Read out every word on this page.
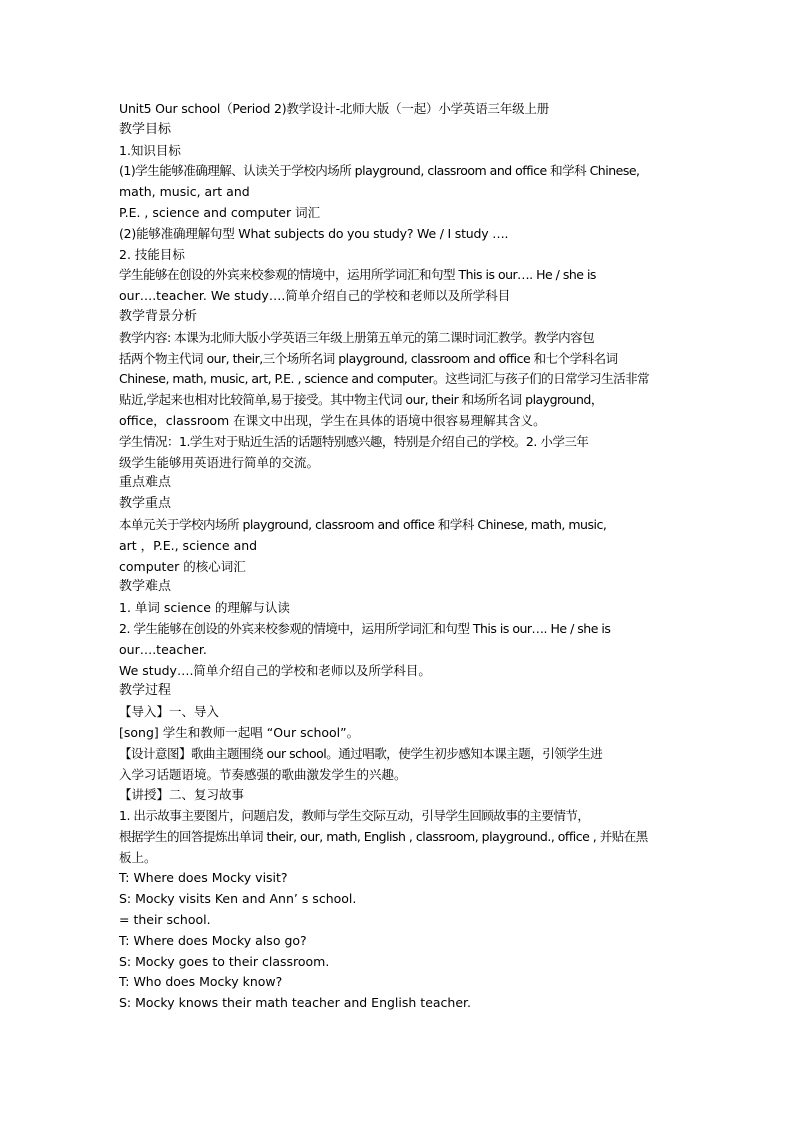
Unit5 Our school（Period 2)教学设计-北师大版（一起）小学英语三年级上册
教学目标
1.知识目标
(1)学生能够准确理解、认读关于学校内场所 playground, classroom and office 和学科 Chinese,
math, music, art and
P.E. , science and computer 词汇
(2)能够准确理解句型 What subjects do you study? We / I study ….
2. 技能目标
学生能够在创设的外宾来校参观的情境中，运用所学词汇和句型 This is our…. He / she is
our….teacher. We study….简单介绍自己的学校和老师以及所学科目
教学背景分析
教学内容: 本课为北师大版小学英语三年级上册第五单元的第二课时词汇教学。教学内容包
括两个物主代词 our, their,三个场所名词 playground, classroom and office 和七个学科名词
Chinese, math, music, art, P.E. , science and computer。这些词汇与孩子们的日常学习生活非常
贴近,学起来也相对比较简单,易于接受。其中物主代词 our, their 和场所名词 playground，
office，classroom 在课文中出现，学生在具体的语境中很容易理解其含义。
学生情况：1.学生对于贴近生活的话题特别感兴趣，特别是介绍自己的学校。2. 小学三年
级学生能够用英语进行简单的交流。
重点难点
教学重点
本单元关于学校内场所 playground, classroom and office 和学科 Chinese, math, music,
art ，P.E., science and
computer 的核心词汇
教学难点
1. 单词 science 的理解与认读
2. 学生能够在创设的外宾来校参观的情境中，运用所学词汇和句型 This is our…. He / she is
our….teacher.
We study….简单介绍自己的学校和老师以及所学科目。
教学过程
【导入】一、导入
[song] 学生和教师一起唱 “Our school”。
【设计意图】歌曲主题围绕 our school。通过唱歌，使学生初步感知本课主题，引领学生进
入学习话题语境。节奏感强的歌曲激发学生的兴趣。
【讲授】二、复习故事
1. 出示故事主要图片，问题启发，教师与学生交际互动，引导学生回顾故事的主要情节，
根据学生的回答提炼出单词 their, our, math, English , classroom, playground., office , 并贴在黑
板上。
T: Where does Mocky visit?
S: Mocky visits Ken and Ann’ s school.
= their school.
T: Where does Mocky also go?
S: Mocky goes to their classroom.
T: Who does Mocky know?
S: Mocky knows their math teacher and English teacher.
